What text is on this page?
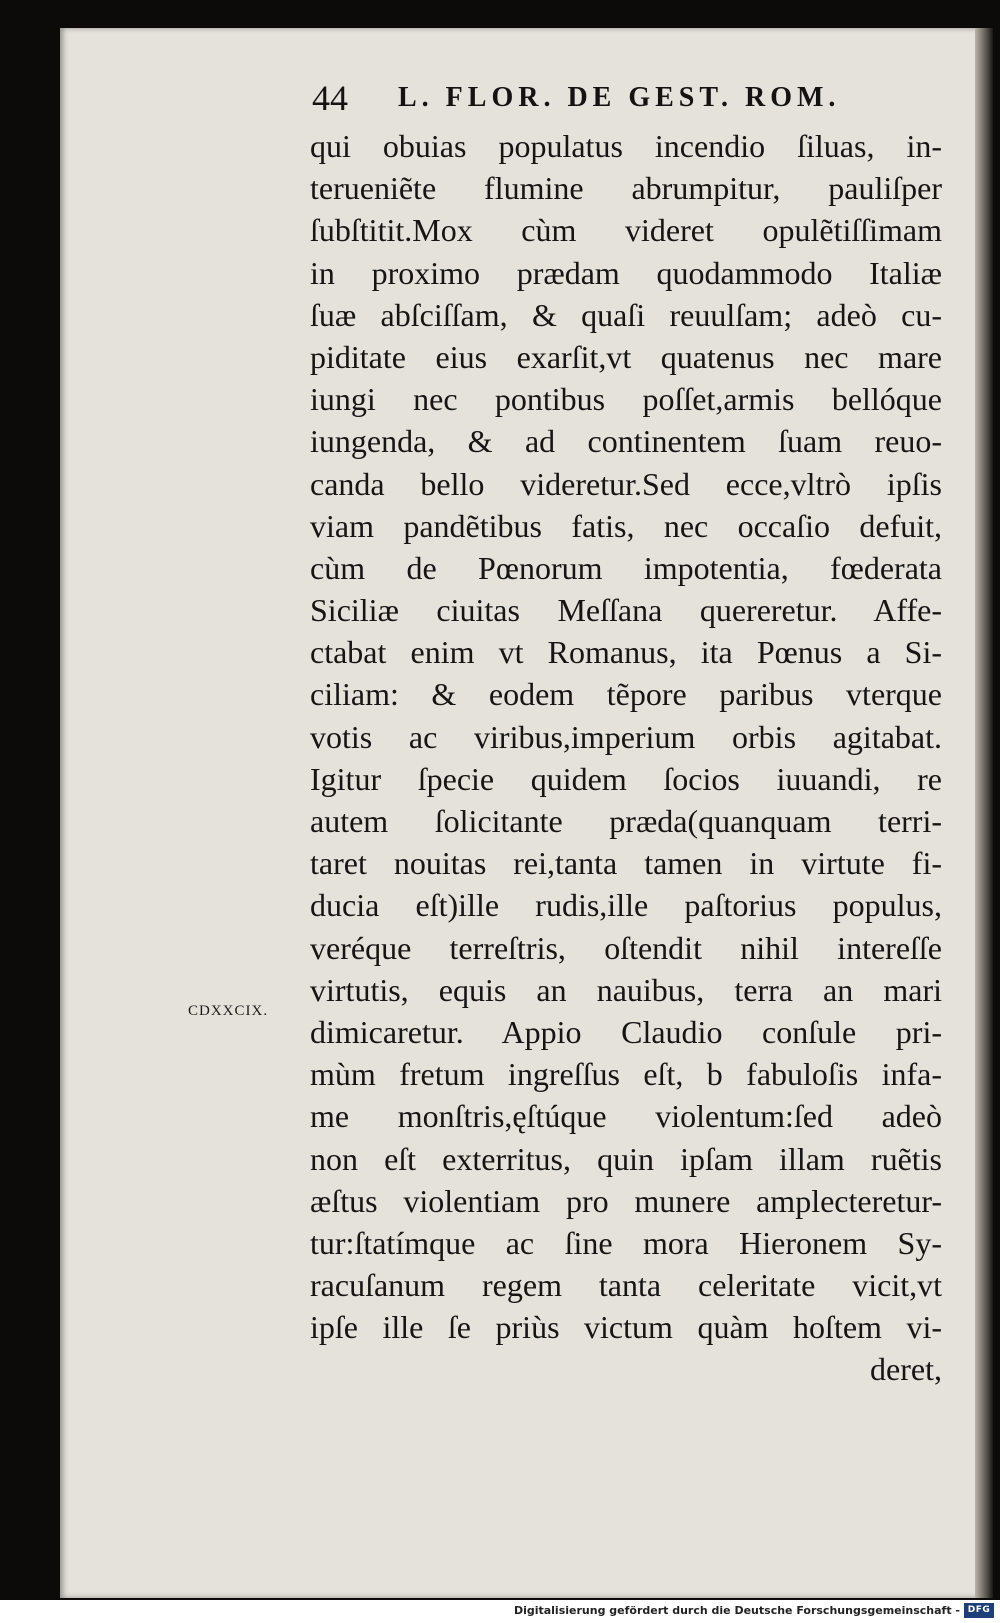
44 L. FLOR. DE GEST. ROM.
CDXXCIX.
qui obuias populatus incendio ſiluas, in-
terueniẽte flumine abrumpitur, pauliſper
ſubſtitit.Mox cùm videret opulẽtiſſimam
in proximo prædam quodammodo Italiæ
ſuæ abſciſſam, & quaſi reuulſam; adeò cu-
piditate eius exarſit,vt quatenus nec mare
iungi nec pontibus poſſet,armis bellóque
iungenda, & ad continentem ſuam reuo-
canda bello videretur.Sed ecce,vltrò ipſis
viam pandẽtibus fatis, nec occaſio defuit,
cùm de Pœnorum impotentia, fœderata
Siciliæ ciuitas Meſſana quereretur. Affe-
ctabat enim vt Romanus, ita Pœnus a Si-
ciliam: & eodem tẽpore paribus vterque
votis ac viribus,imperium orbis agitabat.
Igitur ſpecie quidem ſocios iuuandi, re
autem ſolicitante præda(quanquam terri-
taret nouitas rei,tanta tamen in virtute fi-
ducia eſt)ille rudis,ille paſtorius populus,
veréque terreſtris, oſtendit nihil intereſſe
virtutis, equis an nauibus, terra an mari
dimicaretur. Appio Claudio conſule pri-
mùm fretum ingreſſus eſt, b fabuloſis infa-
me monſtris,ęſtúque violentum:ſed adeò
non eſt exterritus, quin ipſam illam ruẽtis
æſtus violentiam pro munere amplecteretur-
tur:ſtatímque ac ſine mora Hieronem Sy-
racuſanum regem tanta celeritate vicit,vt
ipſe ille ſe priùs victum quàm hoſtem vi-
deret,
Digitalisierung gefördert durch die Deutsche Forschungsgemeinschaft - DFG
